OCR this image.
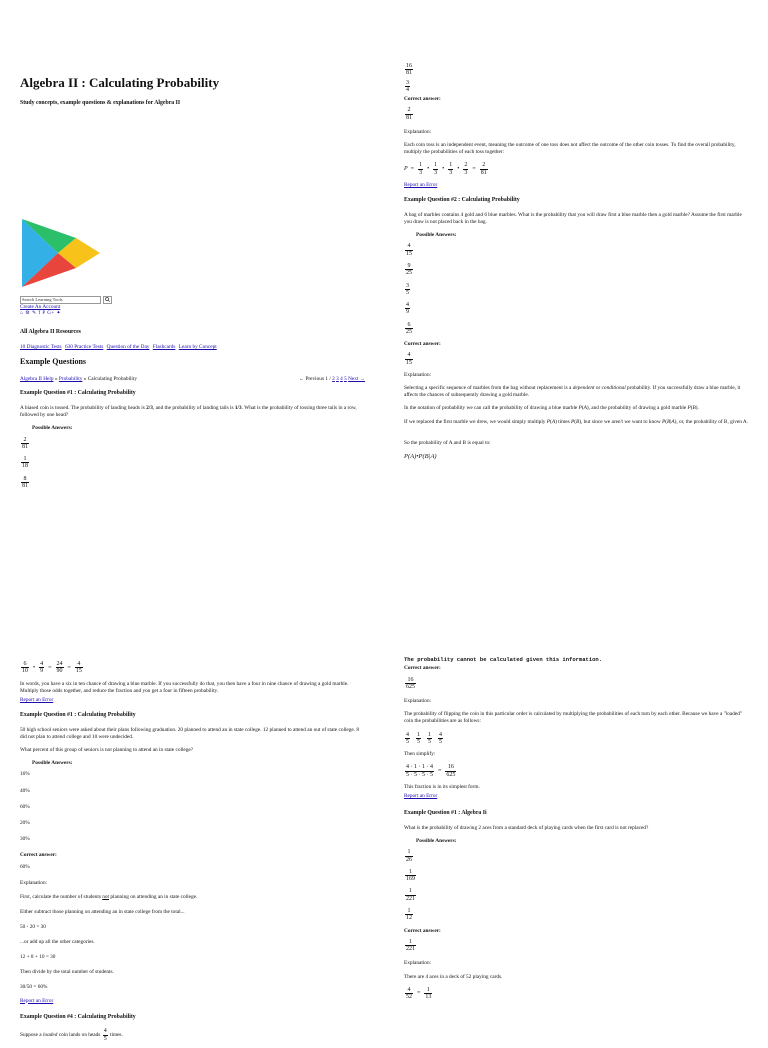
Algebra II : Calculating Probability
Study concepts, example questions & explanations for Algebra II
Search Learning Tools
Create An Account
⌂ ⚙ ✎ f P G+ ✦
All Algebra II Resources
10 Diagnostic Tests 630 Practice Tests Question of the Day Flashcards Learn by Concept
Example Questions
Algebra II Help » Probability » Calculating Probability	← Previous 1 / 2 3 4 5 Next →
Example Question #1 : Calculating Probability

A biased coin is tossed. The probability of landing heads is 2/3, and the probability of landing tails is 1/3. What is the probability of tossing three tails in a row, followed by one head?

Possible Answers:
$\frac{2}{81}$
$\frac{1}{18}$
$\frac{8}{81}$
$\frac{16}{81}$
$\frac{3}{4}$
Correct answer:
$\frac{2}{81}$

Explanation:

Each coin toss is an independent event, meaning the outcome of one toss does not affect the outcome of the other coin tosses. To find the overall probability, multiply the probabilities of each toss together:

$P = \frac{1}{3}$ • $\frac{1}{3}$ • $\frac{1}{3}$ • $\frac{2}{3} = \frac{2}{81}$
Report an Error
Example Question #2 : Calculating Probability

A bag of marbles contains 4 gold and 6 blue marbles. What is the probability that you will draw first a blue marble then a gold marble? Assume the first marble you draw is not placed back in the bag.

Possible Answers:
$\frac{4}{15}$
$\frac{9}{25}$
$\frac{3}{5}$
$\frac{4}{9}$
$\frac{6}{25}$
Correct answer:
$\frac{4}{15}$

Explanation:

Selecting a specific sequence of marbles from the bag without replacement is a dependent or conditional probability. If you successfully draw a blue marble, it affects the chances of subsequently drawing a gold marble.

In the notation of probability we can call the probability of drawing a blue marble P(A), and the probability of drawing a gold marble P(B).

If we replaced the first marble we drew, we would simply multiply P(A) times P(B), but since we aren't we want to know P(B|A), or, the probability of B, given A.

So the probability of A and B is equal to:

P(A)•P(B|A)

$\frac{6}{10}$ • $\frac{4}{9} = \frac{24}{90} = \frac{4}{15}$

In words, you have a six in ten chance of drawing a blue marble. If you successfully do that, you then have a four in nine chance of drawing a gold marble. Multiply those odds together, and reduce the fraction and you get a four in fifteen probability.

Report an Error
Example Question #1 : Calculating Probability

50 high school seniors were asked about their plans following graduation. 20 planned to attend an in state college. 12 planned to attend an out of state college. 8 did not plan to attend college and 10 were undecided.

What percent of this group of seniors is not planning to attend an in state college?

Possible Answers:

16%

40%

60%

20%

30%

Correct answer:

60%

Explanation:

First, calculate the number of students not planning on attending an in state college.

Either subtract those planning on attending an in state college from the total...

50 - 20 = 30

...or add up all the other categories.

12 + 8 + 10 = 30

Then divide by the total number of students.

30/50 = 60%

Report an Error
Example Question #4 : Calculating Probability

Suppose a loaded coin lands on heads $\frac{4}{5}$ times.

The probability cannot be calculated given this information.
Correct answer:
$\frac{16}{625}$

Explanation:

The probability of flipping the coin in this particular order is calculated by multiplying the probabilities of each turn by each other. Because we have a "loaded" coin the probabilities are as follows:

$\frac{4}{5} \frac{1}{5} \frac{1}{5} \frac{4}{5}$

Then simplify:

$\frac{4 \cdot 1 \cdot 1 \cdot 4}{5 \cdot 5 \cdot 5 \cdot 5} = \frac{16}{625}$

This fraction is in its simplest form.

Report an Error
Example Question #1 : Algebra Ii

What is the probability of drawing 2 aces from a standard deck of playing cards when the first card is not replaced?

Possible Answers:
$\frac{1}{26}$
$\frac{1}{169}$
$\frac{1}{221}$
$\frac{1}{12}$
Correct answer:
$\frac{1}{221}$

Explanation:

There are 4 aces in a deck of 52 playing cards.

$\frac{4}{52} = \frac{1}{13}$
